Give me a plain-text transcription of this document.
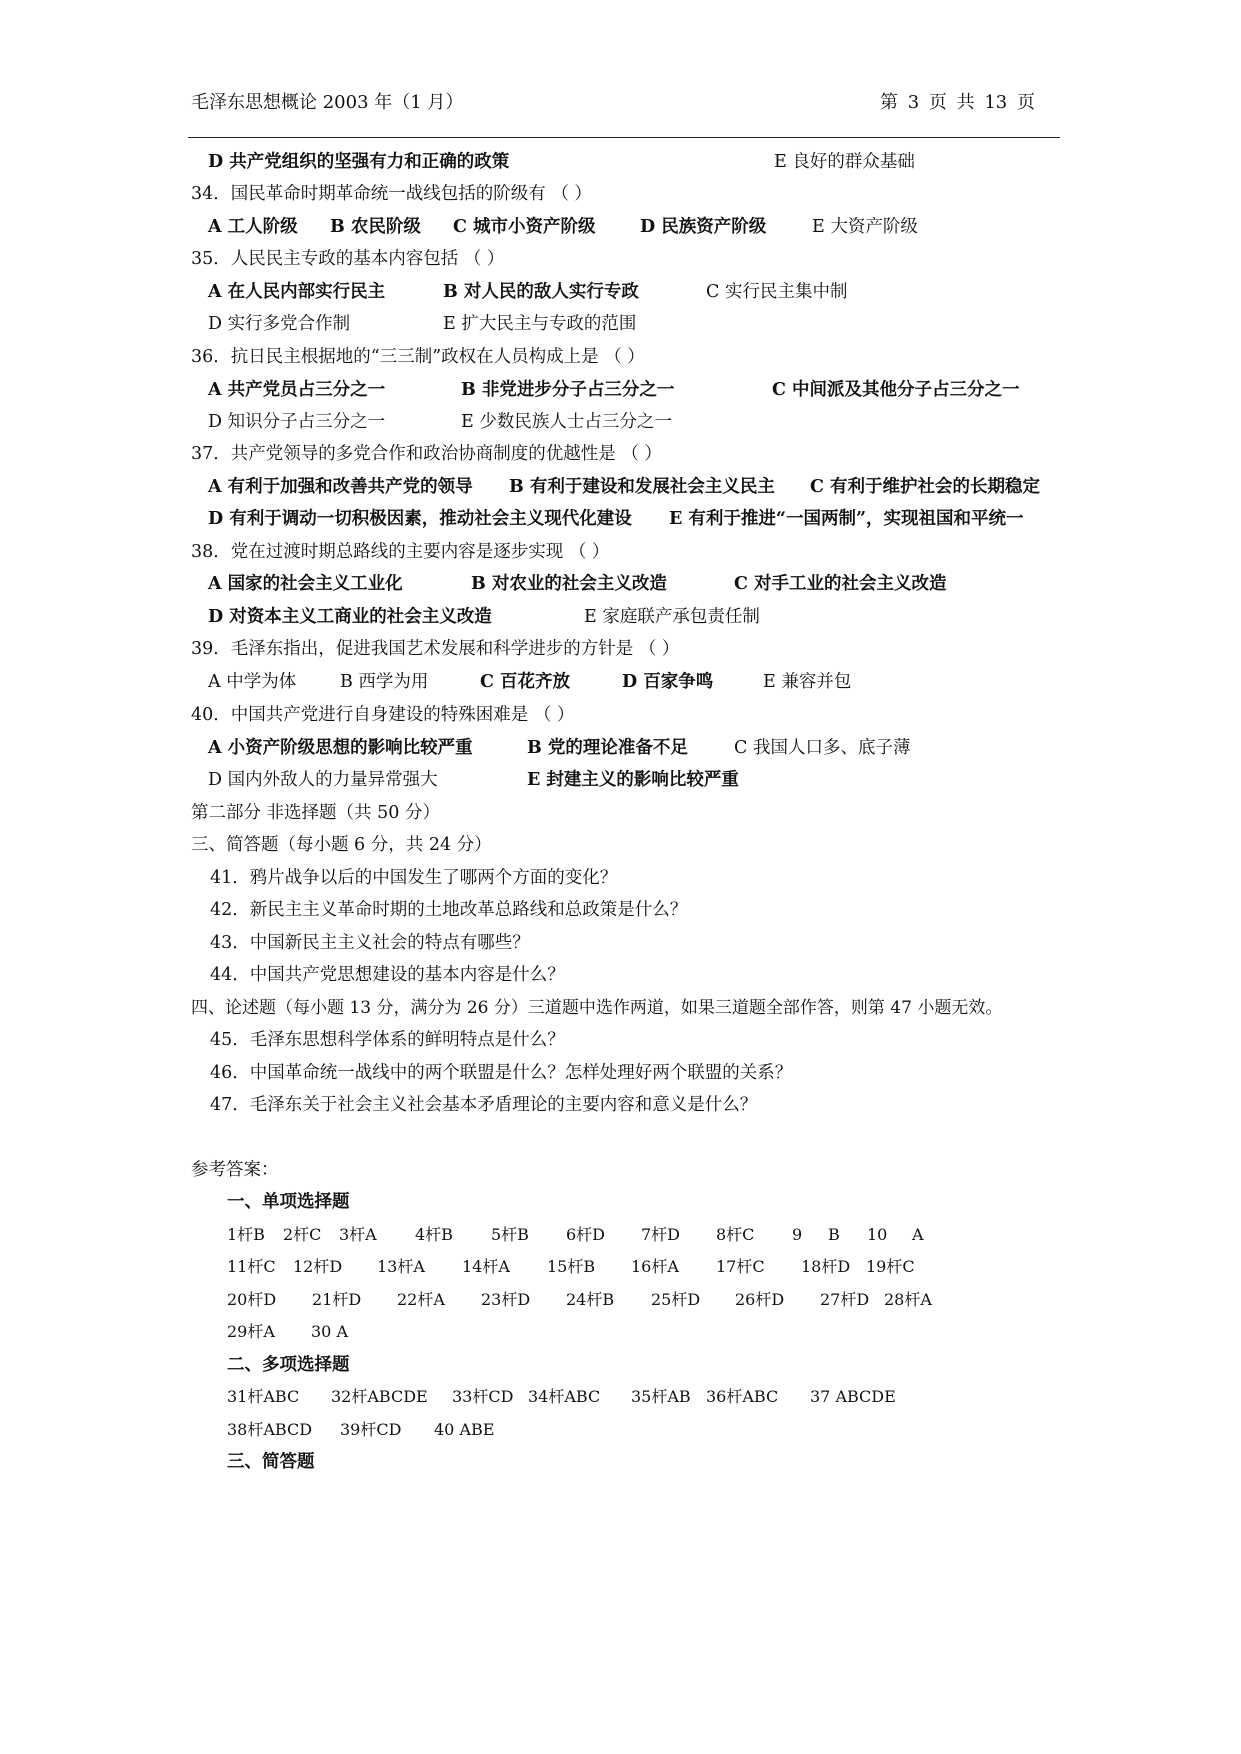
毛泽东思想概论 2003 年（1 月）	第 3 页 共 13 页
D 共产党组织的坚强有力和正确的政策	E 良好的群众基础
34．国民革命时期革命统一战线包括的阶级有 （ ）
A 工人阶级 B 农民阶级 C 城市小资产阶级	D 民族资产阶级	E 大资产阶级
35．人民民主专政的基本内容包括 （ ）
A 在人民内部实行民主	B 对人民的敌人实行专政	C 实行民主集中制
D 实行多党合作制	E 扩大民主与专政的范围
36．抗日民主根据地的“三三制”政权在人员构成上是 （ ）
A 共产党员占三分之一	B 非党进步分子占三分之一	C 中间派及其他分子占三分之一
D 知识分子占三分之一	E 少数民族人士占三分之一
37．共产党领导的多党合作和政治协商制度的优越性是 （ ）
A 有利于加强和改善共产党的领导 B 有利于建设和发展社会主义民主 C 有利于维护社会的长期稳定
D 有利于调动一切积极因素，推动社会主义现代化建设 E 有利于推进“一国两制”，实现祖国和平统一
38．党在过渡时期总路线的主要内容是逐步实现 （ ）
A 国家的社会主义工业化	B 对农业的社会主义改造	C 对手工业的社会主义改造
D 对资本主义工商业的社会主义改造	E 家庭联产承包责任制
39．毛泽东指出，促进我国艺术发展和科学进步的方针是 （ ）
A 中学为体	B 西学为用	C 百花齐放	D 百家争鸣	E 兼容并包
40．中国共产党进行自身建设的特殊困难是 （ ）
A 小资产阶级思想的影响比较严重	B 党的理论准备不足	C 我国人口多、底子薄
D 国内外敌人的力量异常强大	E 封建主义的影响比较严重
第二部分 非选择题（共 50 分）
三、简答题（每小题 6 分，共 24 分）
41．鸦片战争以后的中国发生了哪两个方面的变化？
42．新民主主义革命时期的土地改革总路线和总政策是什么？
43．中国新民主主义社会的特点有哪些？
44．中国共产党思想建设的基本内容是什么？
四、论述题（每小题 13 分，满分为 26 分）三道题中选作两道，如果三道题全部作答，则第 47 小题无效。
45．毛泽东思想科学体系的鲜明特点是什么？
46．中国革命统一战线中的两个联盟是什么？怎样处理好两个联盟的关系？
47．毛泽东关于社会主义社会基本矛盾理论的主要内容和意义是什么？
参考答案：
一、单项选择题
1杆B 2杆C 3杆A 4杆B 5杆B 6杆D 7杆D 8杆C 9 B 10 A
11杆C 12杆D 13杆A 14杆A 15杆B 16杆A 17杆C 18杆D 19杆C
20杆D 21杆D 22杆A 23杆D 24杆B 25杆D 26杆D 27杆D 28杆A
29杆A 30 A
二、多项选择题
31杆ABC 32杆ABCDE 33杆CD 34杆ABC 35杆AB 36杆ABC 37 ABCDE
38杆ABCD 39杆CD 40 ABE
三、简答题
